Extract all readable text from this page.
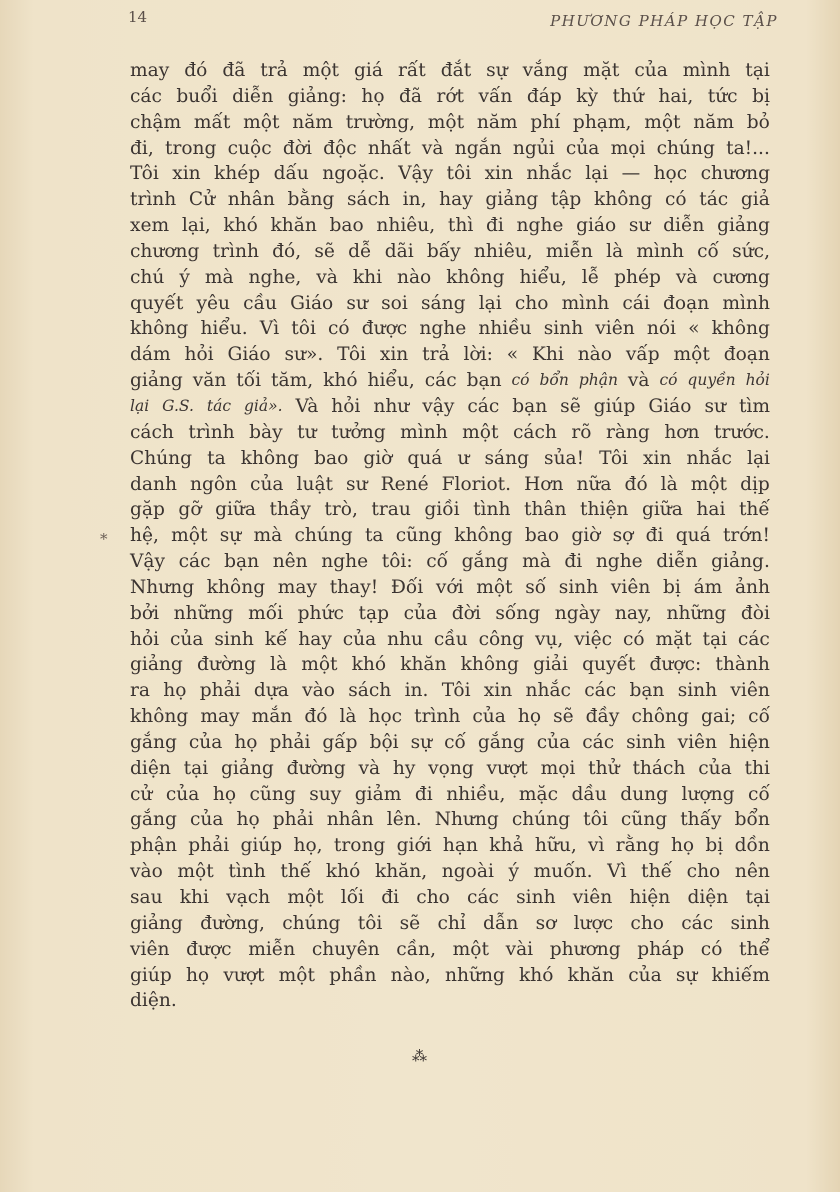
14	PHƯƠNG PHÁP HỌC TẬP
*
may đó đã trả một giá rất đắt sự vắng mặt của mình tại
các buổi diễn giảng: họ đã rớt vấn đáp kỳ thứ hai, tức bị
chậm mất một năm trường, một năm phí phạm, một năm bỏ
đi, trong cuộc đời độc nhất và ngắn ngủi của mọi chúng ta!...
Tôi xin khép dấu ngoặc. Vậy tôi xin nhắc lại — học chương
trình Cử nhân bằng sách in, hay giảng tập không có tác giả
xem lại, khó khăn bao nhiêu, thì đi nghe giáo sư diễn giảng
chương trình đó, sẽ dễ dãi bấy nhiêu, miễn là mình cố sức,
chú ý mà nghe, và khi nào không hiểu, lễ phép và cương
quyết yêu cầu Giáo sư soi sáng lại cho mình cái đoạn mình
không hiểu. Vì tôi có được nghe nhiều sinh viên nói « không
dám hỏi Giáo sư». Tôi xin trả lời: « Khi nào vấp một đoạn
giảng văn tối tăm, khó hiểu, các bạn có bổn phận và có quyền hỏi
lại G.S. tác giả». Và hỏi như vậy các bạn sẽ giúp Giáo sư tìm
cách trình bày tư tưởng mình một cách rõ ràng hơn trước.
Chúng ta không bao giờ quá ư sáng sủa! Tôi xin nhắc lại
danh ngôn của luật sư René Floriot. Hơn nữa đó là một dịp
gặp gỡ giữa thầy trò, trau giồi tình thân thiện giữa hai thế
hệ, một sự mà chúng ta cũng không bao giờ sợ đi quá trớn!
Vậy các bạn nên nghe tôi: cố gắng mà đi nghe diễn giảng.
Nhưng không may thay! Đối với một số sinh viên bị ám ảnh
bởi những mối phức tạp của đời sống ngày nay, những đòi
hỏi của sinh kế hay của nhu cầu công vụ, việc có mặt tại các
giảng đường là một khó khăn không giải quyết được: thành
ra họ phải dựa vào sách in. Tôi xin nhắc các bạn sinh viên
không may mắn đó là học trình của họ sẽ đầy chông gai; cố
gắng của họ phải gấp bội sự cố gắng của các sinh viên hiện
diện tại giảng đường và hy vọng vượt mọi thử thách của thi
cử của họ cũng suy giảm đi nhiều, mặc dầu dung lượng cố
gắng của họ phải nhân lên. Nhưng chúng tôi cũng thấy bổn
phận phải giúp họ, trong giới hạn khả hữu, vì rằng họ bị dồn
vào một tình thế khó khăn, ngoài ý muốn. Vì thế cho nên
sau khi vạch một lối đi cho các sinh viên hiện diện tại
giảng đường, chúng tôi sẽ chỉ dẫn sơ lược cho các sinh
viên được miễn chuyên cần, một vài phương pháp có thể
giúp họ vượt một phần nào, những khó khăn của sự khiếm
diện.
⁂
